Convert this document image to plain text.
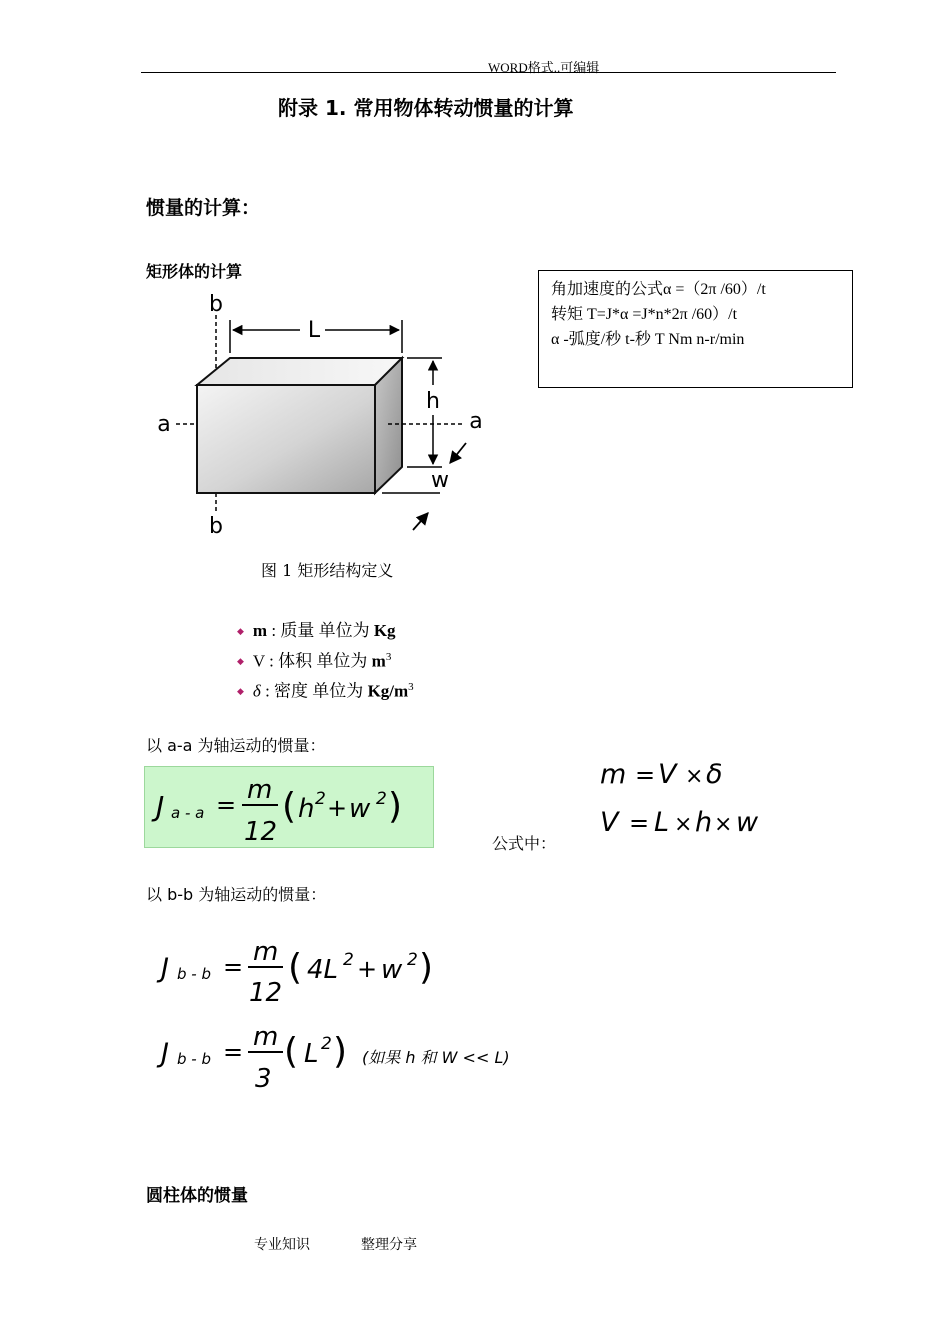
WORD格式..可编辑
附录 1. 常用物体转动惯量的计算
惯量的计算：
矩形体的计算
角加速度的公式α =（2π /60）/t
转矩 T=J*α =J*n*2π /60）/t
α -弧度/秒 t-秒 T Nm n-r/min
L
h
w
a	a
b
b
图 1 矩形结构定义
◆ m : 质量 单位为 Kg
◆ V : 体积 单位为 $m^3$
◆ δ : 密度 单位为 $Kg/m^3$
以 a-a 为轴运动的惯量：
J a - a = m
12
( h 2 + w 2 )
公式中：
m = V × δ
V = L × h × w
以 b-b 为轴运动的惯量：
J b - b = m
12
( 4L 2 + w 2 )
J b - b = m
3
( L 2 ) (如果 h 和 W << L)
圆柱体的惯量
专业知识	整理分享
